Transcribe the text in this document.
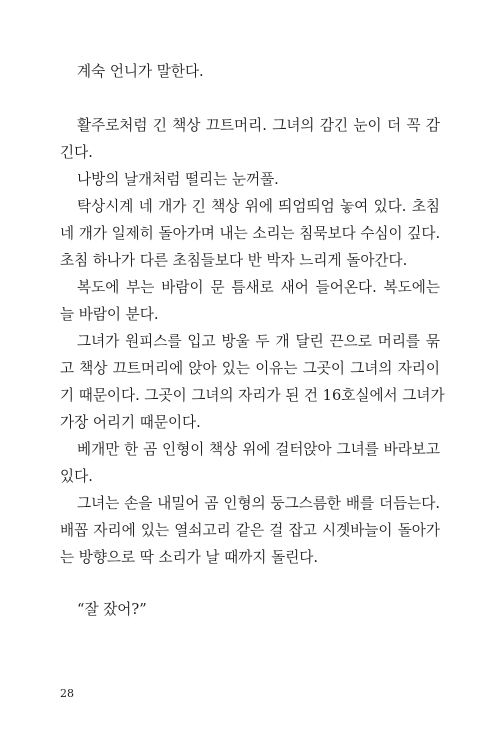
계숙 언니가 말한다.
활주로처럼 긴 책상 끄트머리. 그녀의 감긴 눈이 더 꼭 감
긴다.
나방의 날개처럼 떨리는 눈꺼풀.
탁상시계 네 개가 긴 책상 위에 띄엄띄엄 놓여 있다. 초침
네 개가 일제히 돌아가며 내는 소리는 침묵보다 수심이 깊다.
초침 하나가 다른 초침들보다 반 박자 느리게 돌아간다.
복도에 부는 바람이 문 틈새로 새어 들어온다. 복도에는
늘 바람이 분다.
그녀가 원피스를 입고 방울 두 개 달린 끈으로 머리를 묶
고 책상 끄트머리에 앉아 있는 이유는 그곳이 그녀의 자리이
기 때문이다. 그곳이 그녀의 자리가 된 건 16호실에서 그녀가
가장 어리기 때문이다.
베개만 한 곰 인형이 책상 위에 걸터앉아 그녀를 바라보고
있다.
그녀는 손을 내밀어 곰 인형의 둥그스름한 배를 더듬는다.
배꼽 자리에 있는 열쇠고리 같은 걸 잡고 시곗바늘이 돌아가
는 방향으로 딱 소리가 날 때까지 돌린다.
“잘 잤어?”
28
